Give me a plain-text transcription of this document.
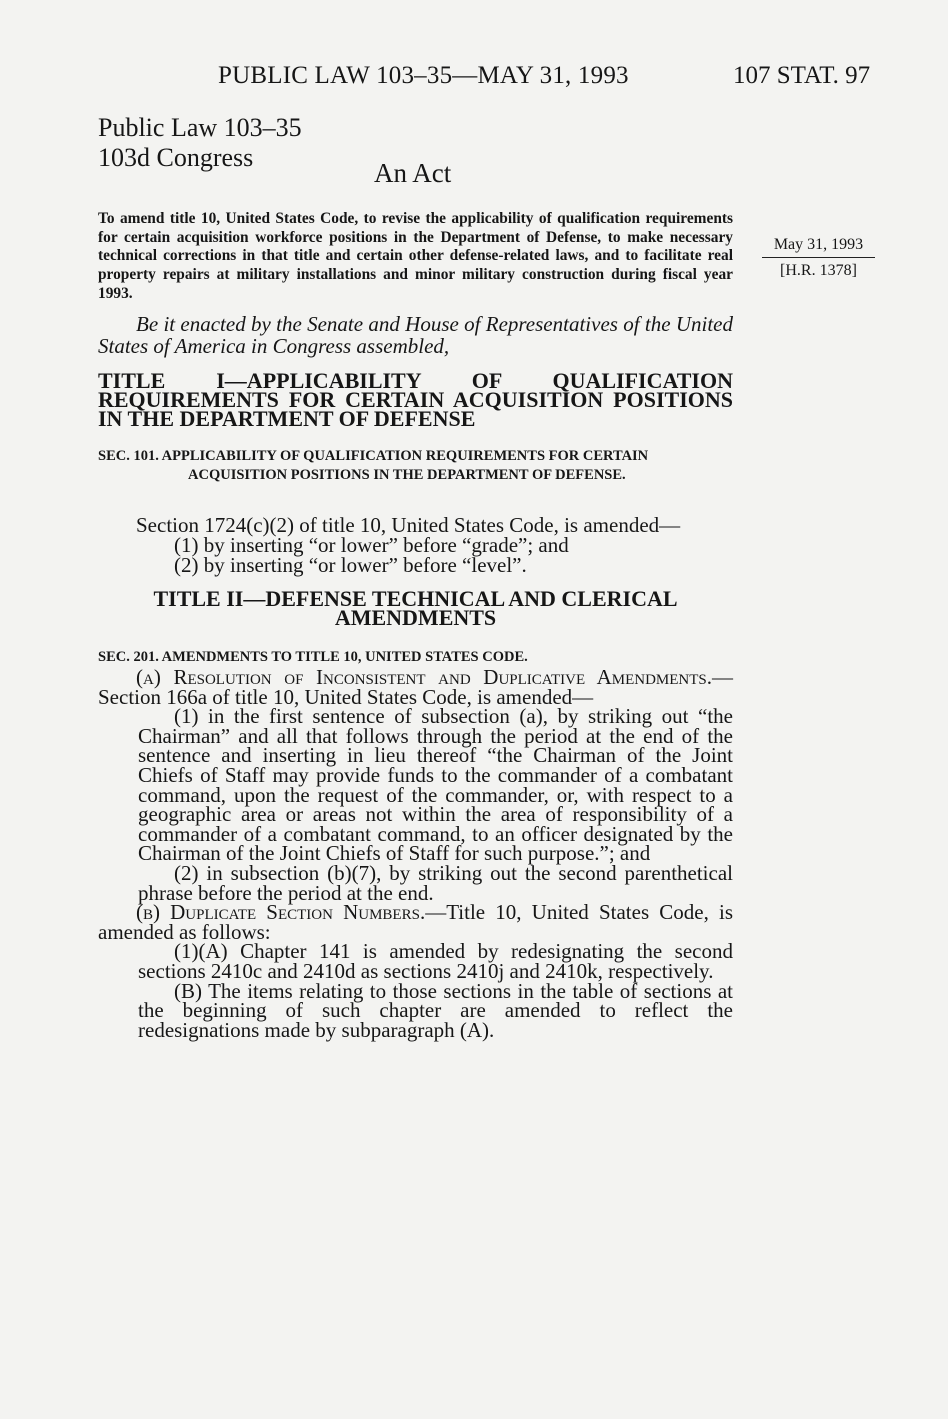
PUBLIC LAW 103–35—MAY 31, 1993	107 STAT. 97
Public Law 103–35
103d Congress
An Act
To amend title 10, United States Code, to revise the applicability of qualification requirements for certain acquisition workforce positions in the Department of Defense, to make necessary technical corrections in that title and certain other defense-related laws, and to facilitate real property repairs at military installations and minor military construction during fiscal year 1993.
May 31, 1993
[H.R. 1378]
Be it enacted by the Senate and House of Representatives of the United States of America in Congress assembled,
TITLE I—APPLICABILITY OF QUALIFICATION REQUIREMENTS FOR CERTAIN ACQUISITION POSITIONS IN THE DEPARTMENT OF DEFENSE
SEC. 101. APPLICABILITY OF QUALIFICATION REQUIREMENTS FOR CERTAIN ACQUISITION POSITIONS IN THE DEPARTMENT OF DEFENSE.
Section 1724(c)(2) of title 10, United States Code, is amended—
(1) by inserting “or lower” before “grade”; and
(2) by inserting “or lower” before “level”.
TITLE II—DEFENSE TECHNICAL AND CLERICAL AMENDMENTS
SEC. 201. AMENDMENTS TO TITLE 10, UNITED STATES CODE.

(a) Resolution of Inconsistent and Duplicative Amendments.—Section 166a of title 10, United States Code, is amended—

(1) in the first sentence of subsection (a), by striking out “the Chairman” and all that follows through the period at the end of the sentence and inserting in lieu thereof “the Chairman of the Joint Chiefs of Staff may provide funds to the commander of a combatant command, upon the request of the commander, or, with respect to a geographic area or areas not within the area of responsibility of a commander of a combatant command, to an officer designated by the Chairman of the Joint Chiefs of Staff for such purpose.”; and

(2) in subsection (b)(7), by striking out the second parenthetical phrase before the period at the end.

(b) Duplicate Section Numbers.—Title 10, United States Code, is amended as follows:

(1)(A) Chapter 141 is amended by redesignating the second sections 2410c and 2410d as sections 2410j and 2410k, respectively.

(B) The items relating to those sections in the table of sections at the beginning of such chapter are amended to reflect the redesignations made by subparagraph (A).
